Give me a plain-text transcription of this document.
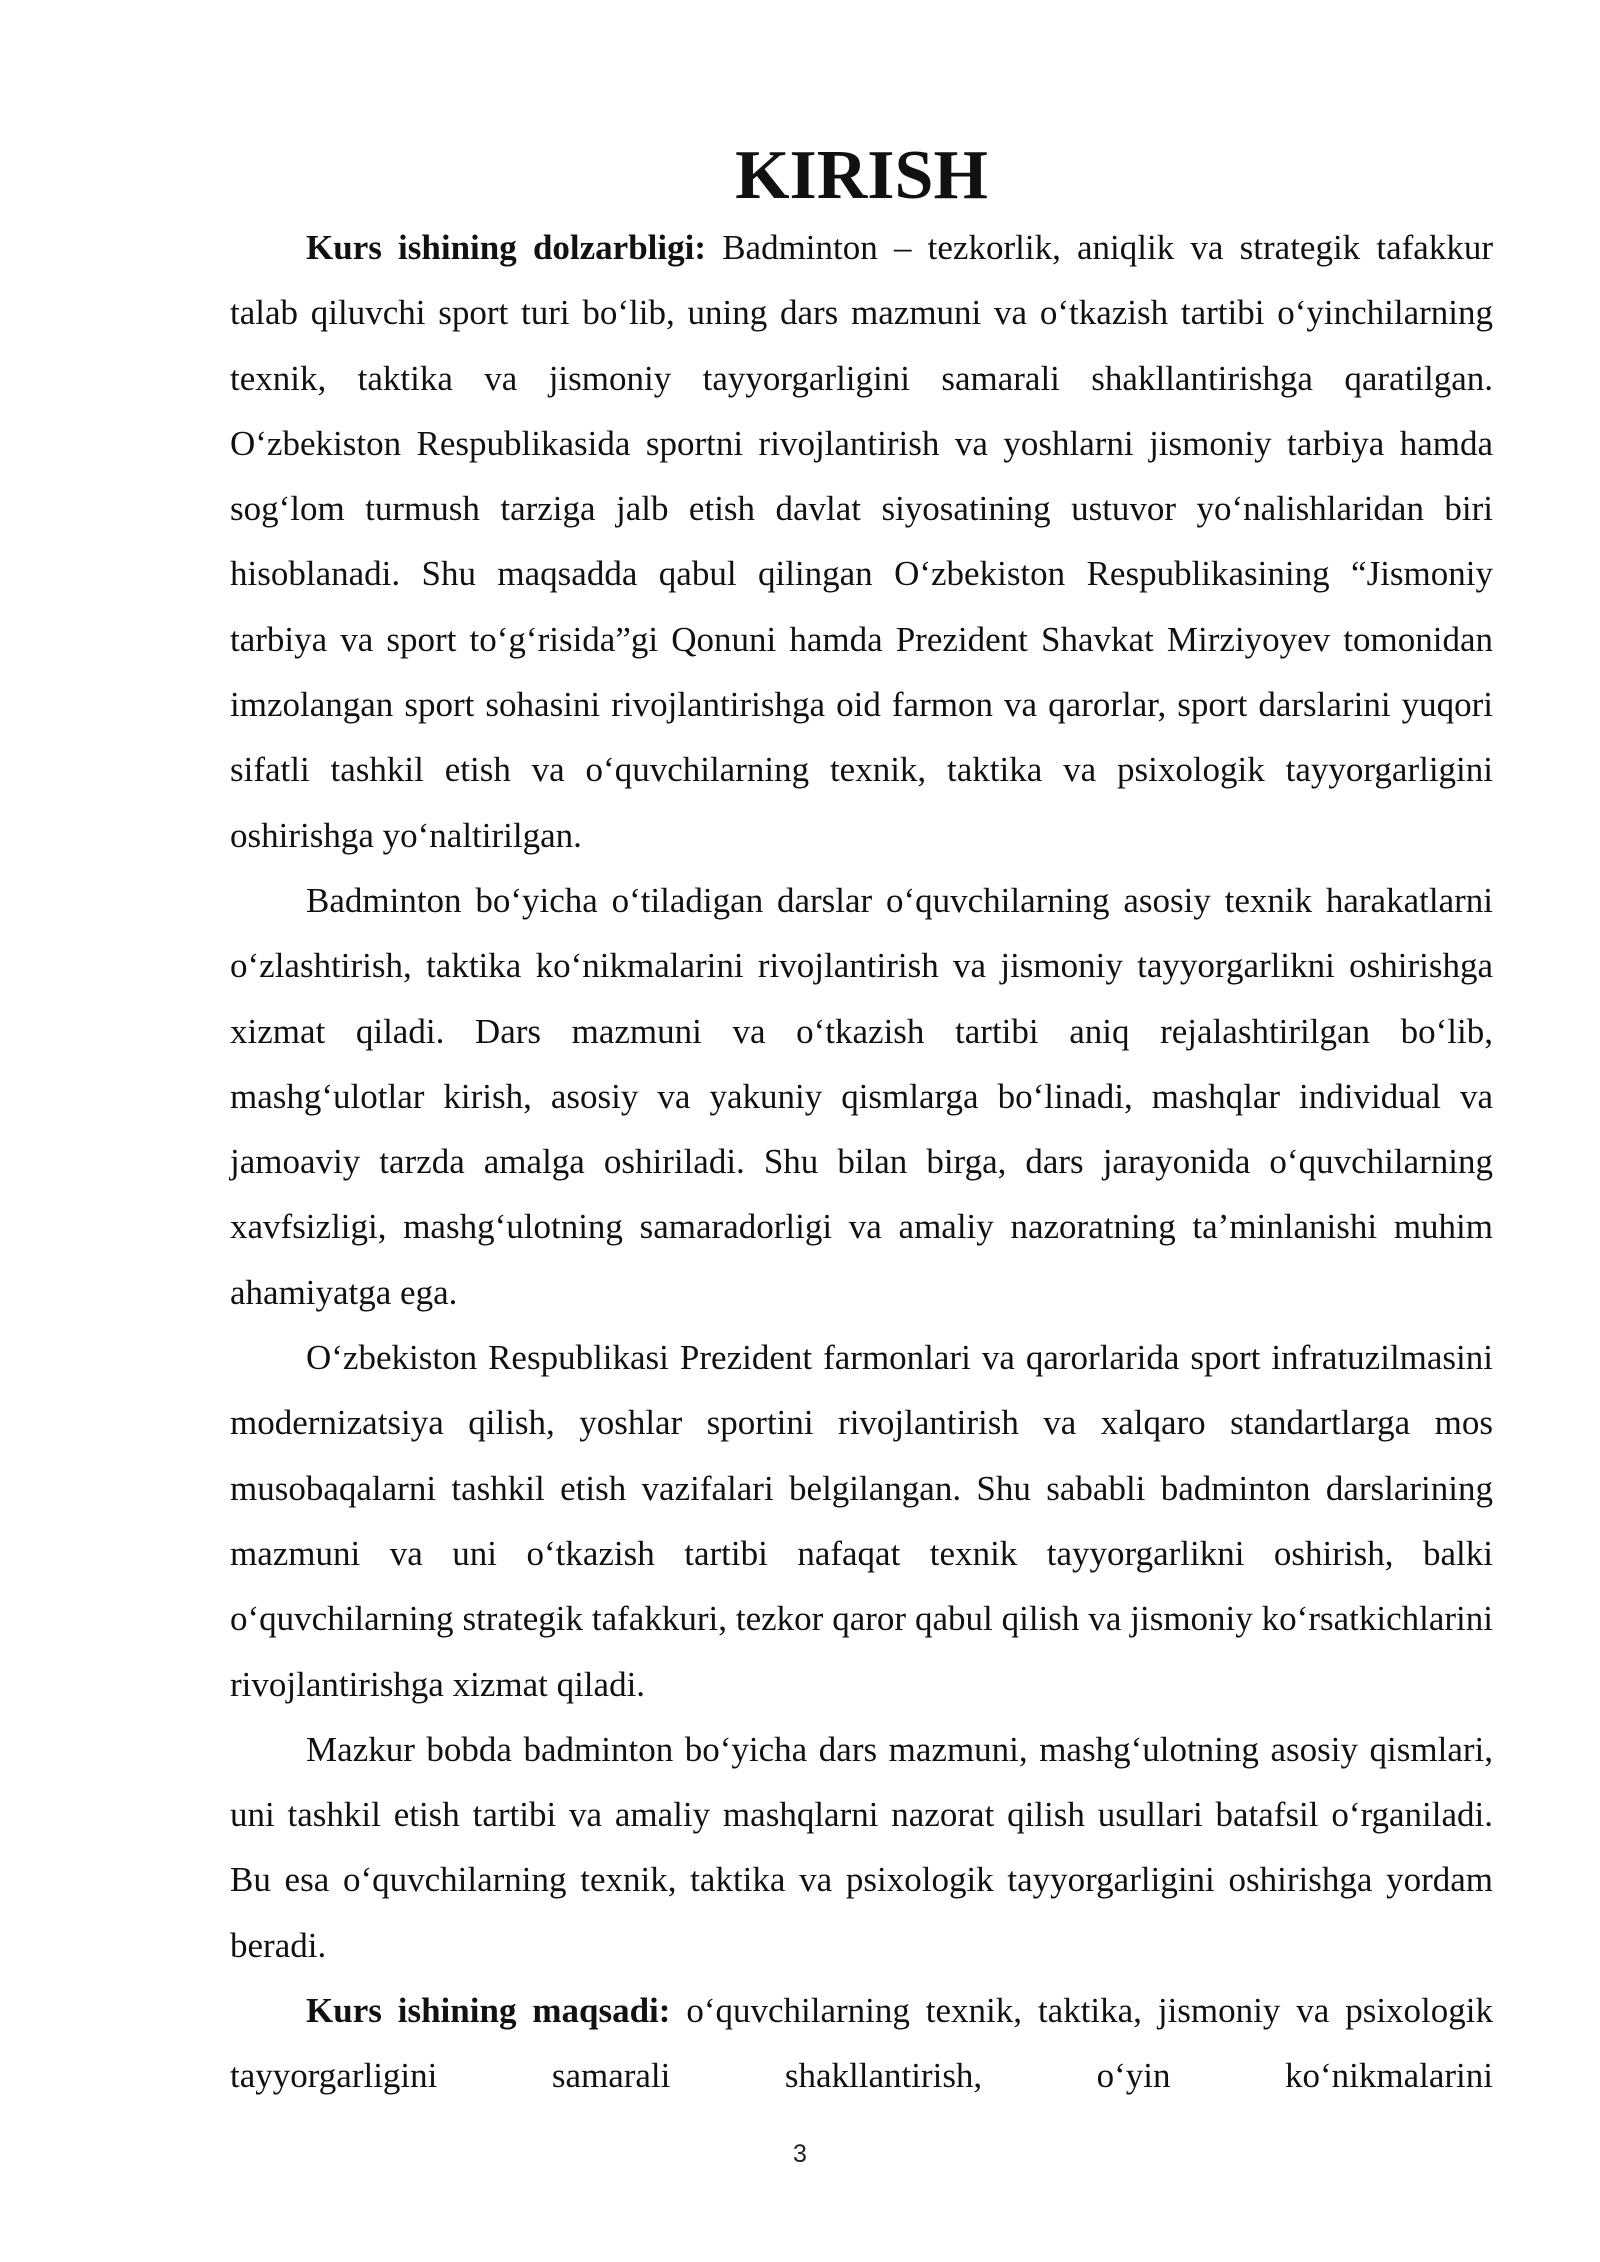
KIRISH

Kurs ishining dolzarbligi: Badminton – tezkorlik, aniqlik va strategik tafakkur talab qiluvchi sport turi bo‘lib, uning dars mazmuni va o‘tkazish tartibi o‘yinchilarning texnik, taktika va jismoniy tayyorgarligini samarali shakllantirishga qaratilgan. O‘zbekiston Respublikasida sportni rivojlantirish va yoshlarni jismoniy tarbiya hamda sog‘lom turmush tarziga jalb etish davlat siyosatining ustuvor yo‘nalishlaridan biri hisoblanadi. Shu maqsadda qabul qilingan O‘zbekiston Respublikasining “Jismoniy tarbiya va sport to‘g‘risida”gi Qonuni hamda Prezident Shavkat Mirziyoyev tomonidan imzolangan sport sohasini rivojlantirishga oid farmon va qarorlar, sport darslarini yuqori sifatli tashkil etish va o‘quvchilarning texnik, taktika va psixologik tayyorgarligini oshirishga yo‘naltirilgan.

Badminton bo‘yicha o‘tiladigan darslar o‘quvchilarning asosiy texnik harakatlarni o‘zlashtirish, taktika ko‘nikmalarini rivojlantirish va jismoniy tayyorgarlikni oshirishga xizmat qiladi. Dars mazmuni va o‘tkazish tartibi aniq rejalashtirilgan bo‘lib, mashg‘ulotlar kirish, asosiy va yakuniy qismlarga bo‘linadi, mashqlar individual va jamoaviy tarzda amalga oshiriladi. Shu bilan birga, dars jarayonida o‘quvchilarning xavfsizligi, mashg‘ulotning samaradorligi va amaliy nazoratning ta’minlanishi muhim ahamiyatga ega.

O‘zbekiston Respublikasi Prezident farmonlari va qarorlarida sport infratuzilmasini modernizatsiya qilish, yoshlar sportini rivojlantirish va xalqaro standartlarga mos musobaqalarni tashkil etish vazifalari belgilangan. Shu sababli badminton darslarining mazmuni va uni o‘tkazish tartibi nafaqat texnik tayyorgarlikni oshirish, balki o‘quvchilarning strategik tafakkuri, tezkor qaror qabul qilish va jismoniy ko‘rsatkichlarini rivojlantirishga xizmat qiladi.

Mazkur bobda badminton bo‘yicha dars mazmuni, mashg‘ulotning asosiy qismlari, uni tashkil etish tartibi va amaliy mashqlarni nazorat qilish usullari batafsil o‘rganiladi. Bu esa o‘quvchilarning texnik, taktika va psixologik tayyorgarligini oshirishga yordam beradi.

Kurs ishining maqsadi: o‘quvchilarning texnik, taktika, jismoniy va psixologik tayyorgarligini samarali shakllantirish, o‘yin ko‘nikmalarini

3
